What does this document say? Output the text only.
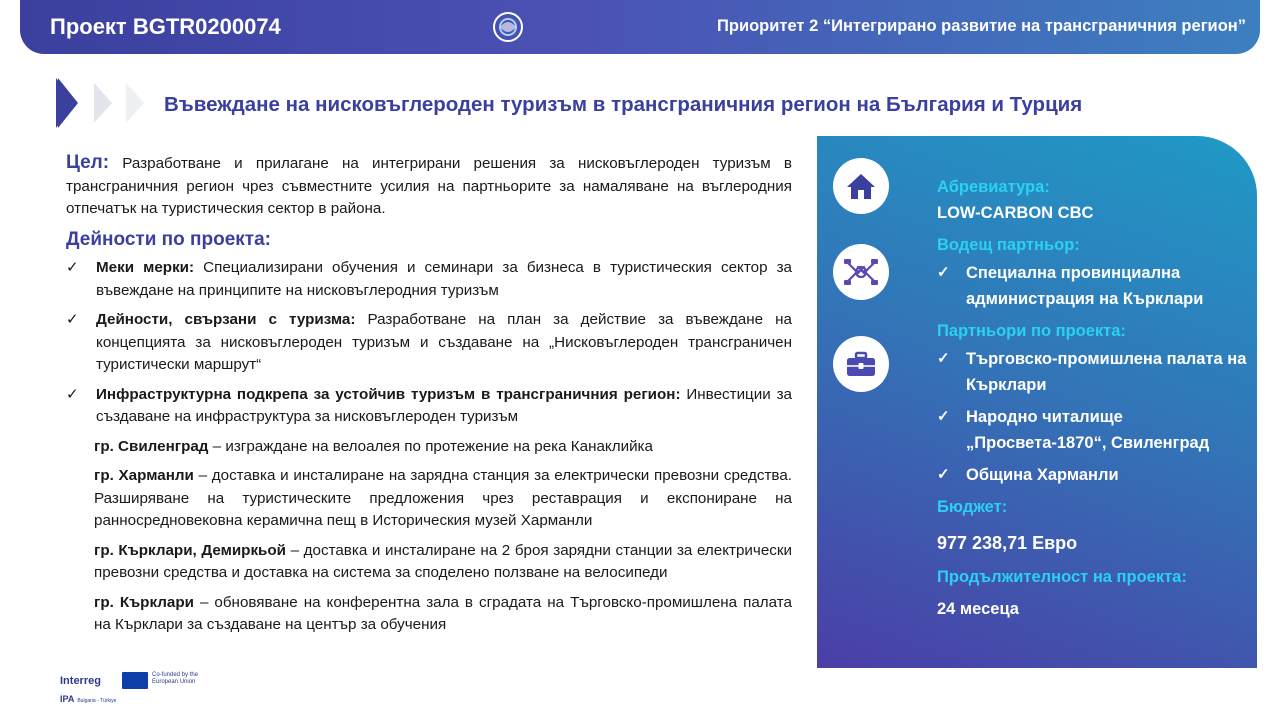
Проект BGTR0200074	Приоритет 2 “Интегрирано развитие на трансграничния регион”
Въвеждане на нисковъглероден туризъм в трансграничния регион на България и Турция
Цел: Разработване и прилагане на интегрирани решения за нисковъглероден туризъм в трансграничния регион чрез съвместните усилия на партньорите за намаляване на въглеродния отпечатък на туристическия сектор в района.
Дейности по проекта:
✓ Меки мерки: Специализирани обучения и семинари за бизнеса в туристическия сектор за въвеждане на принципите на нисковъглеродния туризъм
✓ Дейности, свързани с туризма: Разработване на план за действие за въвеждане на концепцията за нисковъглероден туризъм и създаване на „Нисковъглероден трансграничен туристически маршрут“
✓ Инфраструктурна подкрепа за устойчив туризъм в трансграничния регион: Инвестиции за създаване на инфраструктура за нисковъглероден туризъм
гр. Свиленград – изграждане на велоалея по протежение на река Канаклийка
гр. Харманли – доставка и инсталиране на зарядна станция за електрически превозни средства. Разширяване на туристическите предложения чрез реставрация и експониране на ранносредновековна керамична пещ в Историческия музей Харманли
гр. Кърклари, Демиркьой – доставка и инсталиране на 2 броя зарядни станции за електрически превозни средства и доставка на система за споделено ползване на велосипеди
гр. Кърклари – обновяване на конферентна зала в сградата на Търговско-промишлена палата на Кърклари за създаване на център за обучения
Абревиатура:
LOW-CARBON CBC
Водещ партньор:
✓ Специална провинциална администрация на Кърклари
Партньори по проекта:
✓ Търговско-промишлена палата на Кърклари
✓ Народно читалище „Просвета-1870“, Свиленград
✓ Община Харманли
Бюджет:
977 238,71 Евро
Продължителност на проекта:
24 месеца
Interreg	Co-funded by the European Union
IPA Bulgaria - Türkiye
